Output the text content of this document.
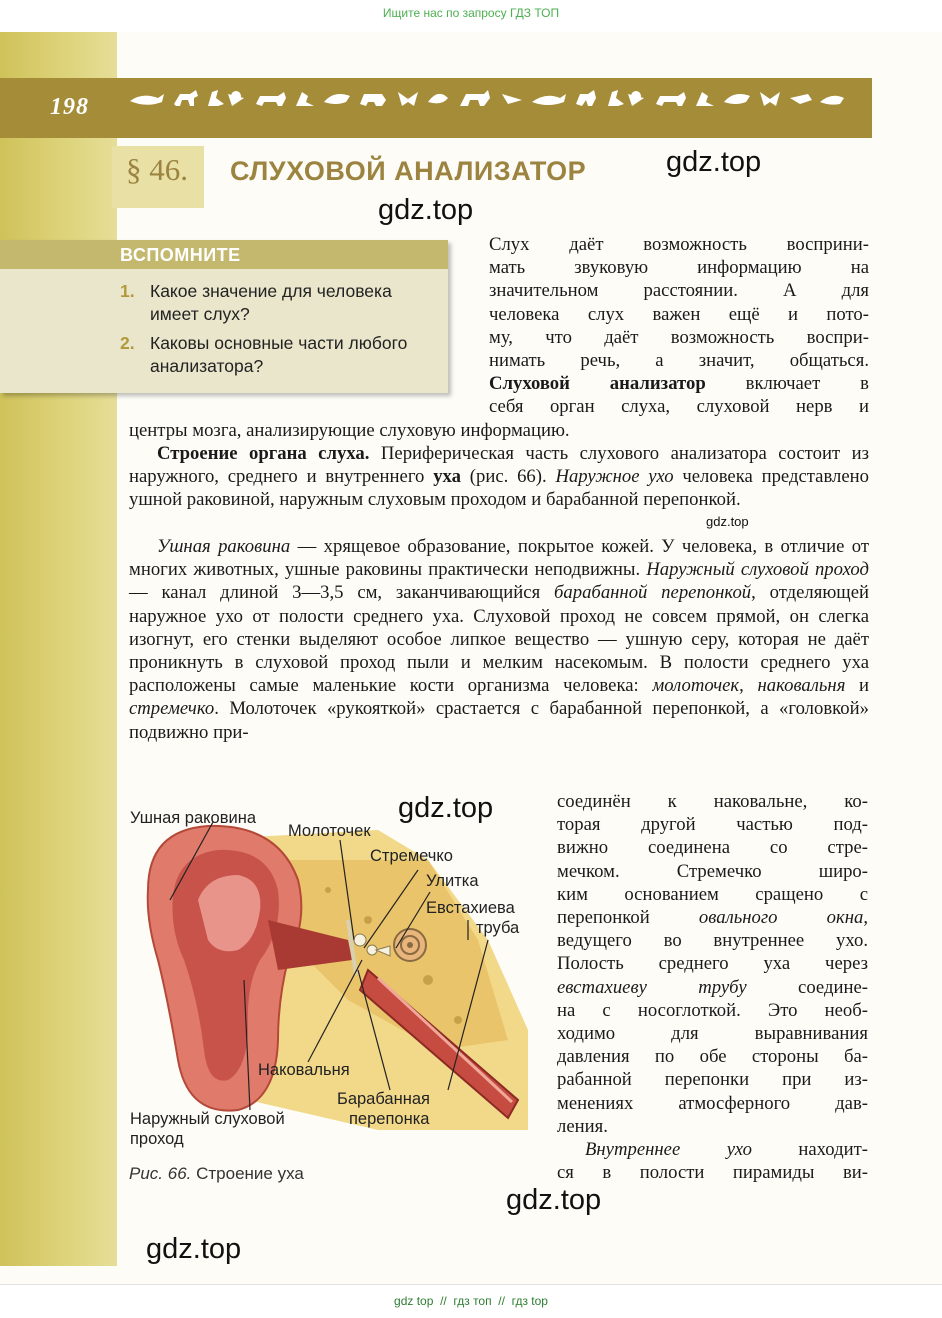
Ищите нас по запросу ГДЗ ТОП
198
§ 46. СЛУХОВОЙ АНАЛИЗАТОР	gdz.top
gdz.top
ВСПОМНИТЕ
1. Какое значение для человека имеет слух?
2. Каковы основные части любого анализатора?

Слух даёт возможность восприни-

мать звуковую информацию на

значительном расстоянии. А для

человека слух важен ещё и пото-

му, что даёт возможность воспри-

нимать речь, а значит, общаться.

Слуховой анализатор включает в

себя орган слуха, слуховой нерв и

центры мозга, анализирующие слуховую информацию.

Строение органа слуха. Периферическая часть слухового анализатора состоит из наружного, среднего и внутреннего уха (рис. 66). Наружное ухо человека представлено ушной раковиной, наружным слуховым проходом и барабанной перепонкой.

gdz.top

Ушная раковина — хрящевое образование, покрытое кожей. У человека, в отличие от многих животных, ушные раковины практически неподвижны. Наружный слуховой проход — канал длиной 3—3,5 см, заканчивающийся барабанной перепонкой, отделяющей наружное ухо от полости среднего уха. Слуховой проход не совсем прямой, он слегка изогнут, его стенки выделяют особое липкое вещество — ушную серу, которая не даёт проникнуть в слуховой проход пыли и мелким насекомым. В полости среднего уха расположены самые маленькие кости организма человека: молоточек, наковальня и стремечко. Молоточек «рукояткой» срастается с барабанной перепонкой, а «головкой» подвижно при-

соединён к наковальне, ко-

торая другой частью под-

вижно соединена со стре-

мечком. Стремечко широ-

ким основанием сращено с

перепонкой овального окна,

ведущего во внутреннее ухо.

Полость среднего уха через

евстахиеву трубу соедине-

на с носоглоткой. Это необ-

ходимо для выравнивания

давления по обе стороны ба-

рабанной перепонки при из-

менениях атмосферного дав-

ления.

Внутреннее ухо находит-

ся в полости пирамиды ви-

Ушная раковина
Молоточек
Стремечко
Улитка
Евстахиева
труба
Наковальня
Барабанная
перепонка
Наружный слуховой
проход
gdz.top
Рис. 66. Строение уха
gdz.top
gdz.top
gdz top  //  гдз топ  //  гдз top
